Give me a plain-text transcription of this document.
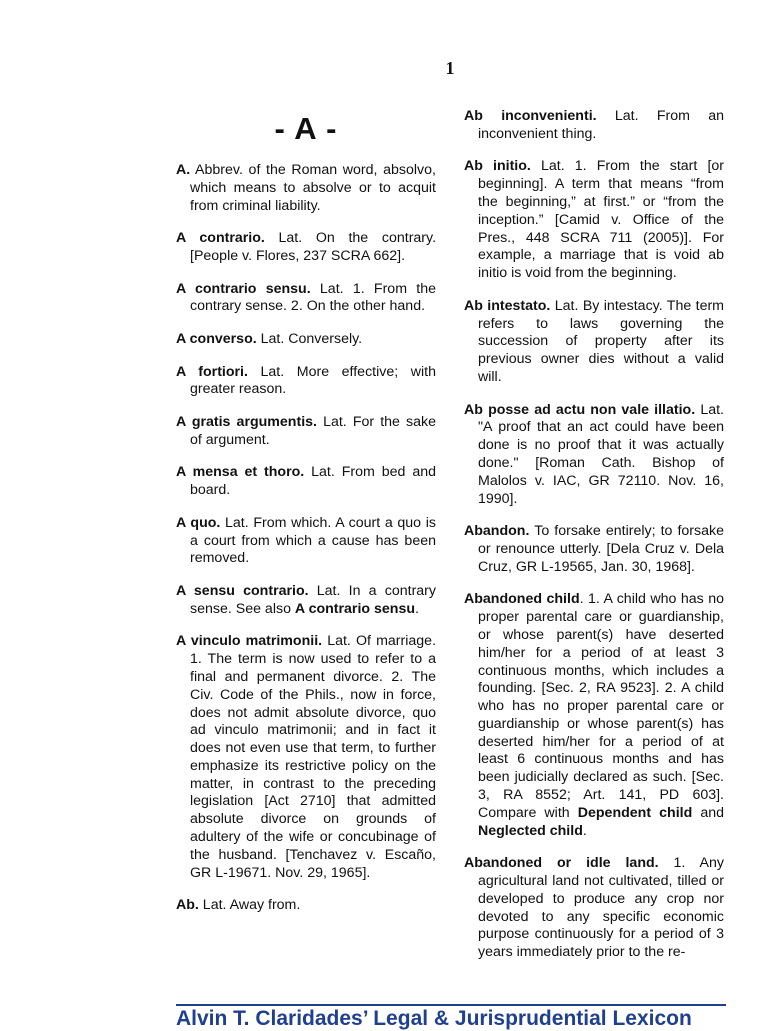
1
- A -

A. Abbrev. of the Roman word, absolvo, which means to absolve or to acquit from criminal liability.

A contrario. Lat. On the contrary. [People v. Flores, 237 SCRA 662].

A contrario sensu. Lat. 1. From the contrary sense. 2. On the other hand.

A converso. Lat. Conversely.

A fortiori. Lat. More effective; with greater reason.

A gratis argumentis. Lat. For the sake of argument.

A mensa et thoro. Lat. From bed and board.

A quo. Lat. From which. A court a quo is a court from which a cause has been removed.

A sensu contrario. Lat. In a contrary sense. See also A contrario sensu.

A vinculo matrimonii. Lat. Of marriage. 1. The term is now used to refer to a final and permanent divorce. 2. The Civ. Code of the Phils., now in force, does not admit absolute divorce, quo ad vinculo matrimonii; and in fact it does not even use that term, to further emphasize its restrictive policy on the matter, in contrast to the preceding legislation [Act 2710] that admitted absolute divorce on grounds of adultery of the wife or concubinage of the husband. [Tenchavez v. Escaño, GR L-19671. Nov. 29, 1965].

Ab. Lat. Away from.

Ab inconvenienti. Lat. From an inconvenient thing.

Ab initio. Lat. 1. From the start [or beginning]. A term that means “from the beginning,” at first.” or “from the inception.” [Camid v. Office of the Pres., 448 SCRA 711 (2005)]. For example, a marriage that is void ab initio is void from the beginning.

Ab intestato. Lat. By intestacy. The term refers to laws governing the succession of property after its previous owner dies without a valid will.

Ab posse ad actu non vale illatio. Lat. "A proof that an act could have been done is no proof that it was actually done." [Roman Cath. Bishop of Malolos v. IAC, GR 72110. Nov. 16, 1990].

Abandon. To forsake entirely; to forsake or renounce utterly. [Dela Cruz v. Dela Cruz, GR L-19565, Jan. 30, 1968].

Abandoned child. 1. A child who has no proper parental care or guardianship, or whose parent(s) have deserted him/her for a period of at least 3 continuous months, which includes a founding. [Sec. 2, RA 9523]. 2. A child who has no proper parental care or guardianship or whose parent(s) has deserted him/her for a period of at least 6 continuous months and has been judicially declared as such. [Sec. 3, RA 8552; Art. 141, PD 603]. Compare with Dependent child and Neglected child.

Abandoned or idle land. 1. Any agricultural land not cultivated, tilled or developed to produce any crop nor devoted to any specific economic purpose continuously for a period of 3 years immediately prior to the re-

Alvin T. Claridades’ Legal & Jurisprudential Lexicon
